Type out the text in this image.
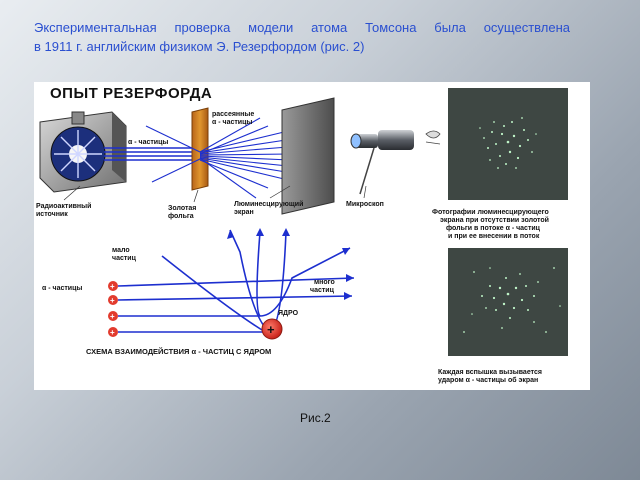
Экспериментальная проверка модели атома Томсона была осуществлена
в 1911 г. английским физиком Э. Резерфордом (рис. 2)
ОПЫТ РЕЗЕРФОРДА
α - частицы
рассеянные
α - частицы
Радиоактивный
источник
Золотая
фольга
Люминесцирующий
экран
Микроскоп
Фотографии люминесцирующего
экрана при отсутствии золотой
фольги в потоке α - частиц
и при ее внесении в поток
Каждая вспышка вызывается
ударом α - частицы об экран
+
+
+
+	+
ЯДРО
мало
частиц
много
частиц
α - частицы
СХЕМА ВЗАИМОДЕЙСТВИЯ α - ЧАСТИЦ С ЯДРОМ
Рис.2
